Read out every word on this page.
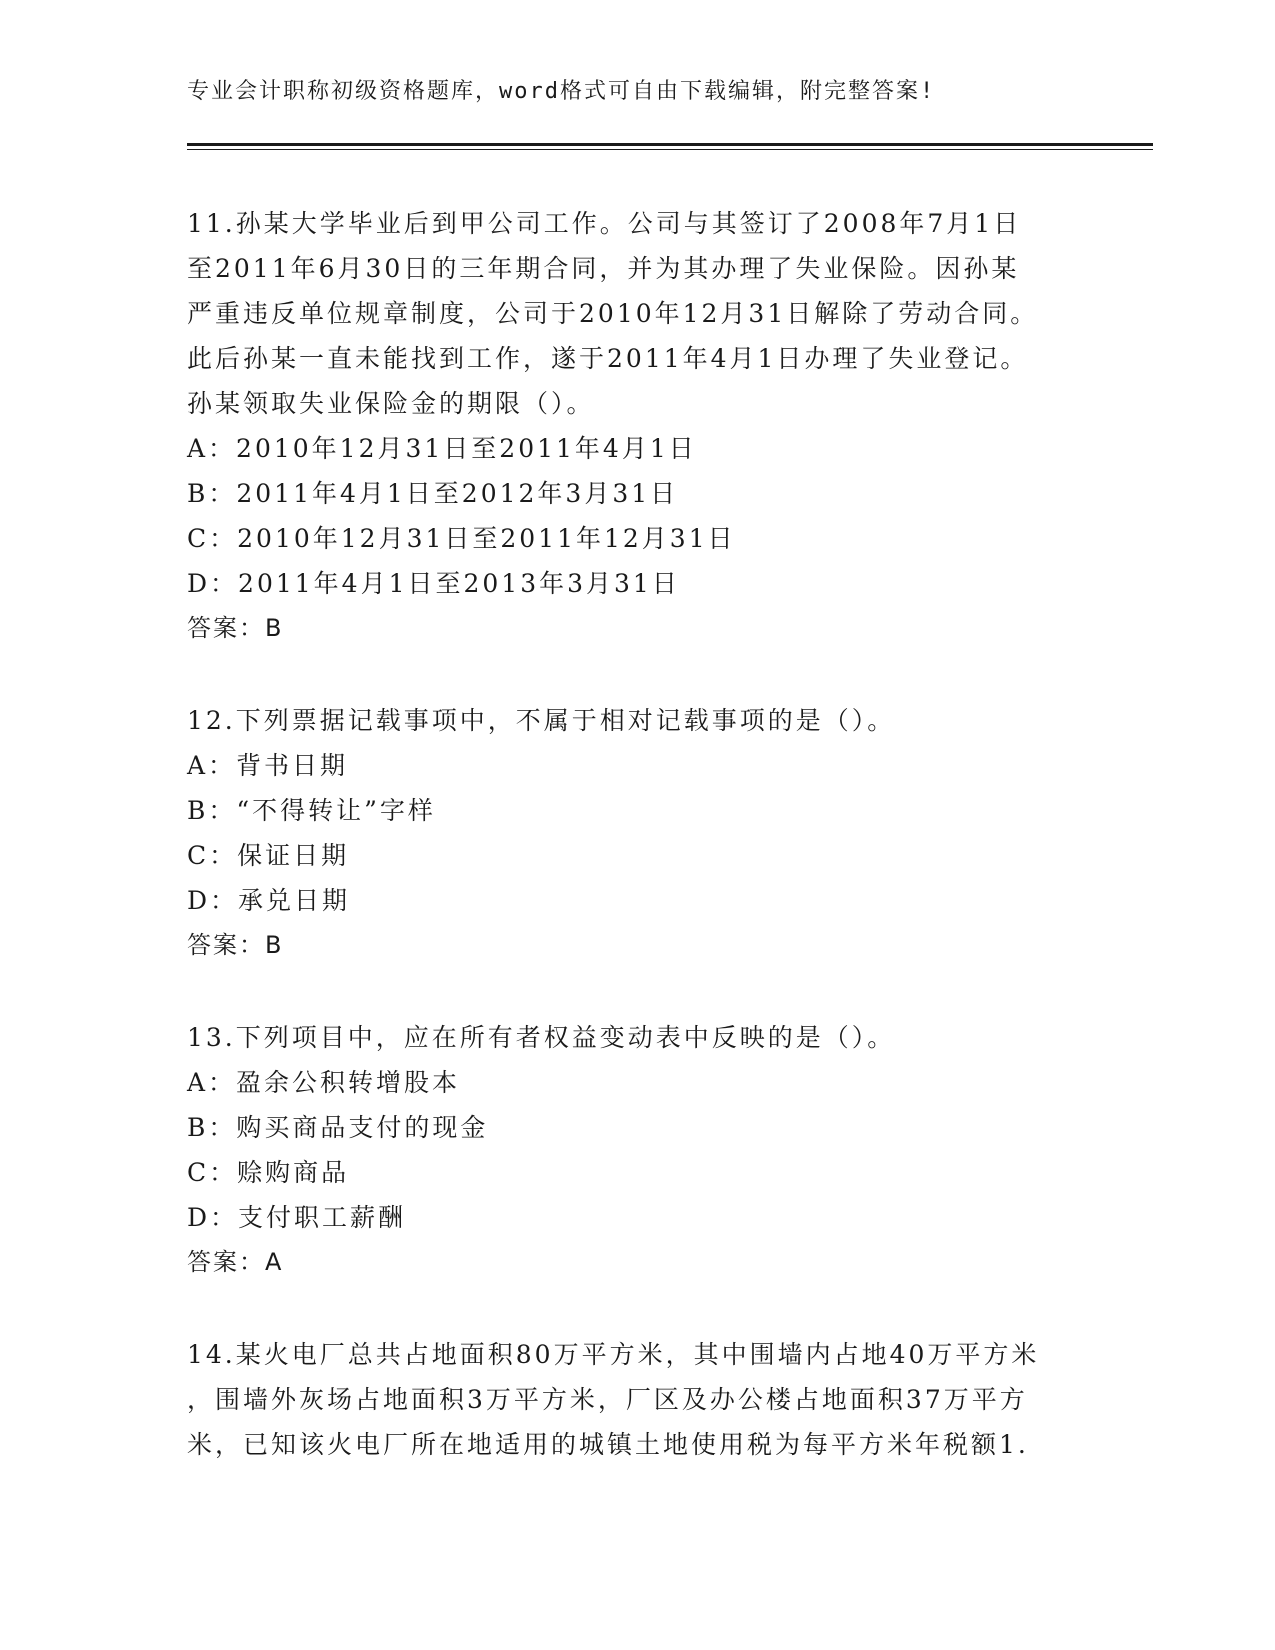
专业会计职称初级资格题库，word格式可自由下载编辑，附完整答案!

11.孙某大学毕业后到甲公司工作。公司与其签订了2008年7月1日

至2011年6月30日的三年期合同，并为其办理了失业保险。因孙某

严重违反单位规章制度，公司于2010年12月31日解除了劳动合同。

此后孙某一直未能找到工作，遂于2011年4月1日办理了失业登记。

孙某领取失业保险金的期限（）。

A：2010年12月31日至2011年4月1日

B：2011年4月1日至2012年3月31日

C：2010年12月31日至2011年12月31日

D：2011年4月1日至2013年3月31日

答案：B

12.下列票据记载事项中，不属于相对记载事项的是（）。

A：背书日期

B：“不得转让”字样

C：保证日期

D：承兑日期

答案：B

13.下列项目中，应在所有者权益变动表中反映的是（）。

A：盈余公积转增股本

B：购买商品支付的现金

C：赊购商品

D：支付职工薪酬

答案：A

14.某火电厂总共占地面积80万平方米，其中围墙内占地40万平方米

，围墙外灰场占地面积3万平方米，厂区及办公楼占地面积37万平方

米，已知该火电厂所在地适用的城镇土地使用税为每平方米年税额1.
